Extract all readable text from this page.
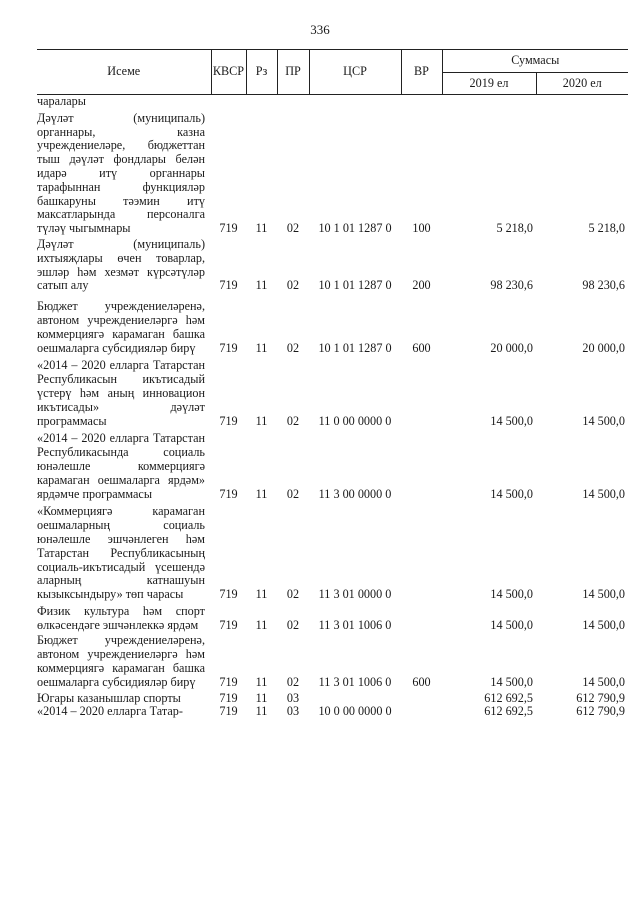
336
Исеме	КВСР	Рз	ПР	ЦСР	ВР	Суммасы	
						2019 ел	2020 ел
чаралары							
Дәүләт (муниципаль) органнары, казна учреждениеләре, бюджеттан тыш дәүләт фондлары белән идарә итү органнары тарафыннан функцияләр башкаруны тәэмин итү максатларында персоналга түләү чыгымнары	719	11	02	10 1 01 1287 0	100	5 218,0	5 218,0
Дәүләт (муниципаль) ихтыяҗлары өчен товарлар, эшләр һәм хезмәт күрсәтүләр сатып алу	719	11	02	10 1 01 1287 0	200	98 230,6	98 230,6
Бюджет учреждениеләренә, автоном учреждениеләргә һәм коммерциягә карамаган башка оешмаларга субсидияләр бирү	719	11	02	10 1 01 1287 0	600	20 000,0	20 000,0
«2014 – 2020 елларга Татарстан Республикасын икътисадый үстерү һәм аның инновацион икътисады» дәүләт программасы	719	11	02	11 0 00 0000 0		14 500,0	14 500,0
«2014 – 2020 елларга Татарстан Республикасында социаль юнәлешле коммерциягә карамаган оешмаларга ярдәм» ярдәмче программасы	719	11	02	11 3 00 0000 0		14 500,0	14 500,0
«Коммерциягә карамаган оешмаларның социаль юнәлешле эшчәнлеген һәм Татарстан Республикасының социаль-икътисадый үсешендә аларның катнашуын кызыксындыру» төп чарасы	719	11	02	11 3 01 0000 0		14 500,0	14 500,0
Физик культура һәм спорт өлкәсендәге эшчәнлеккә ярдәм	719	11	02	11 3 01 1006 0		14 500,0	14 500,0
Бюджет учреждениеләренә, автоном учреждениеләргә һәм коммерциягә карамаган башка оешмаларга субсидияләр бирү	719	11	02	11 3 01 1006 0	600	14 500,0	14 500,0
Югары казанышлар спорты	719	11	03			612 692,5	612 790,9
«2014 – 2020 елларга Татар-	719	11	03	10 0 00 0000 0		612 692,5	612 790,9
